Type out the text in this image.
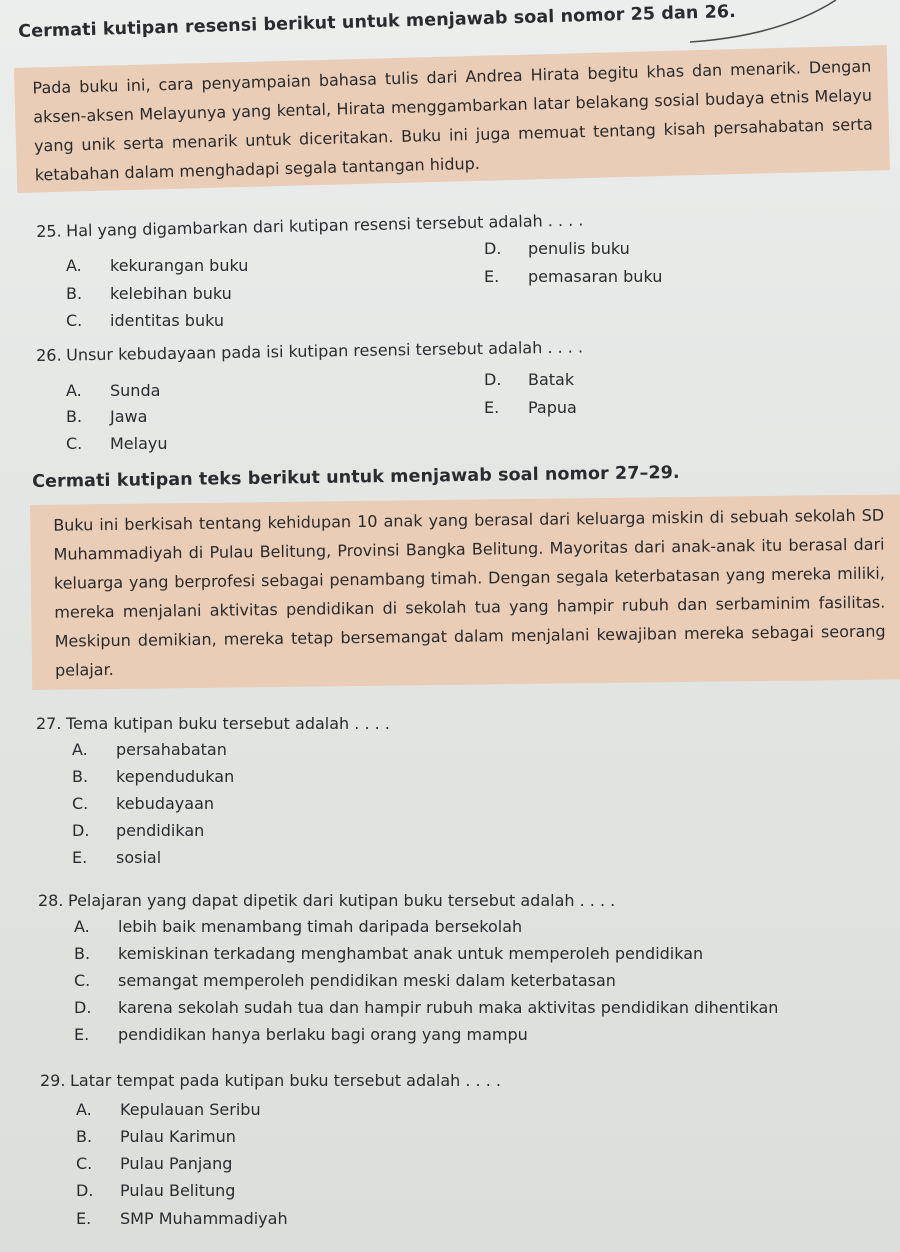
Cermati kutipan resensi berikut untuk menjawab soal nomor 25 dan 26.

Pada buku ini, cara penyampaian bahasa tulis dari Andrea Hirata begitu khas dan menarik. Dengan aksen-aksen Melayunya yang kental, Hirata menggambarkan latar belakang sosial budaya etnis Melayu yang unik serta menarik untuk diceritakan. Buku ini juga memuat tentang kisah persahabatan serta ketabahan dalam menghadapi segala tantangan hidup.

25. Hal yang digambarkan dari kutipan resensi tersebut adalah . . . .
A. kekurangan buku
B. kelebihan buku
C. identitas buku
D. penulis buku
E. pemasaran buku
26. Unsur kebudayaan pada isi kutipan resensi tersebut adalah . . . .
A. Sunda
B. Jawa
C. Melayu
D. Batak
E. Papua
Cermati kutipan teks berikut untuk menjawab soal nomor 27–29.

Buku ini berkisah tentang kehidupan 10 anak yang berasal dari keluarga miskin di sebuah sekolah SD Muhammadiyah di Pulau Belitung, Provinsi Bangka Belitung. Mayoritas dari anak-anak itu berasal dari keluarga yang berprofesi sebagai penambang timah. Dengan segala keterbatasan yang mereka miliki, mereka menjalani aktivitas pendidikan di sekolah tua yang hampir rubuh dan serbaminim fasilitas. Meskipun demikian, mereka tetap bersemangat dalam menjalani kewajiban mereka sebagai seorang pelajar.

27. Tema kutipan buku tersebut adalah . . . .
A. persahabatan
B. kependudukan
C. kebudayaan
D. pendidikan
E. sosial
28. Pelajaran yang dapat dipetik dari kutipan buku tersebut adalah . . . .
A. lebih baik menambang timah daripada bersekolah
B. kemiskinan terkadang menghambat anak untuk memperoleh pendidikan
C. semangat memperoleh pendidikan meski dalam keterbatasan
D. karena sekolah sudah tua dan hampir rubuh maka aktivitas pendidikan dihentikan
E. pendidikan hanya berlaku bagi orang yang mampu
29. Latar tempat pada kutipan buku tersebut adalah . . . .
A. Kepulauan Seribu
B. Pulau Karimun
C. Pulau Panjang
D. Pulau Belitung
E. SMP Muhammadiyah
